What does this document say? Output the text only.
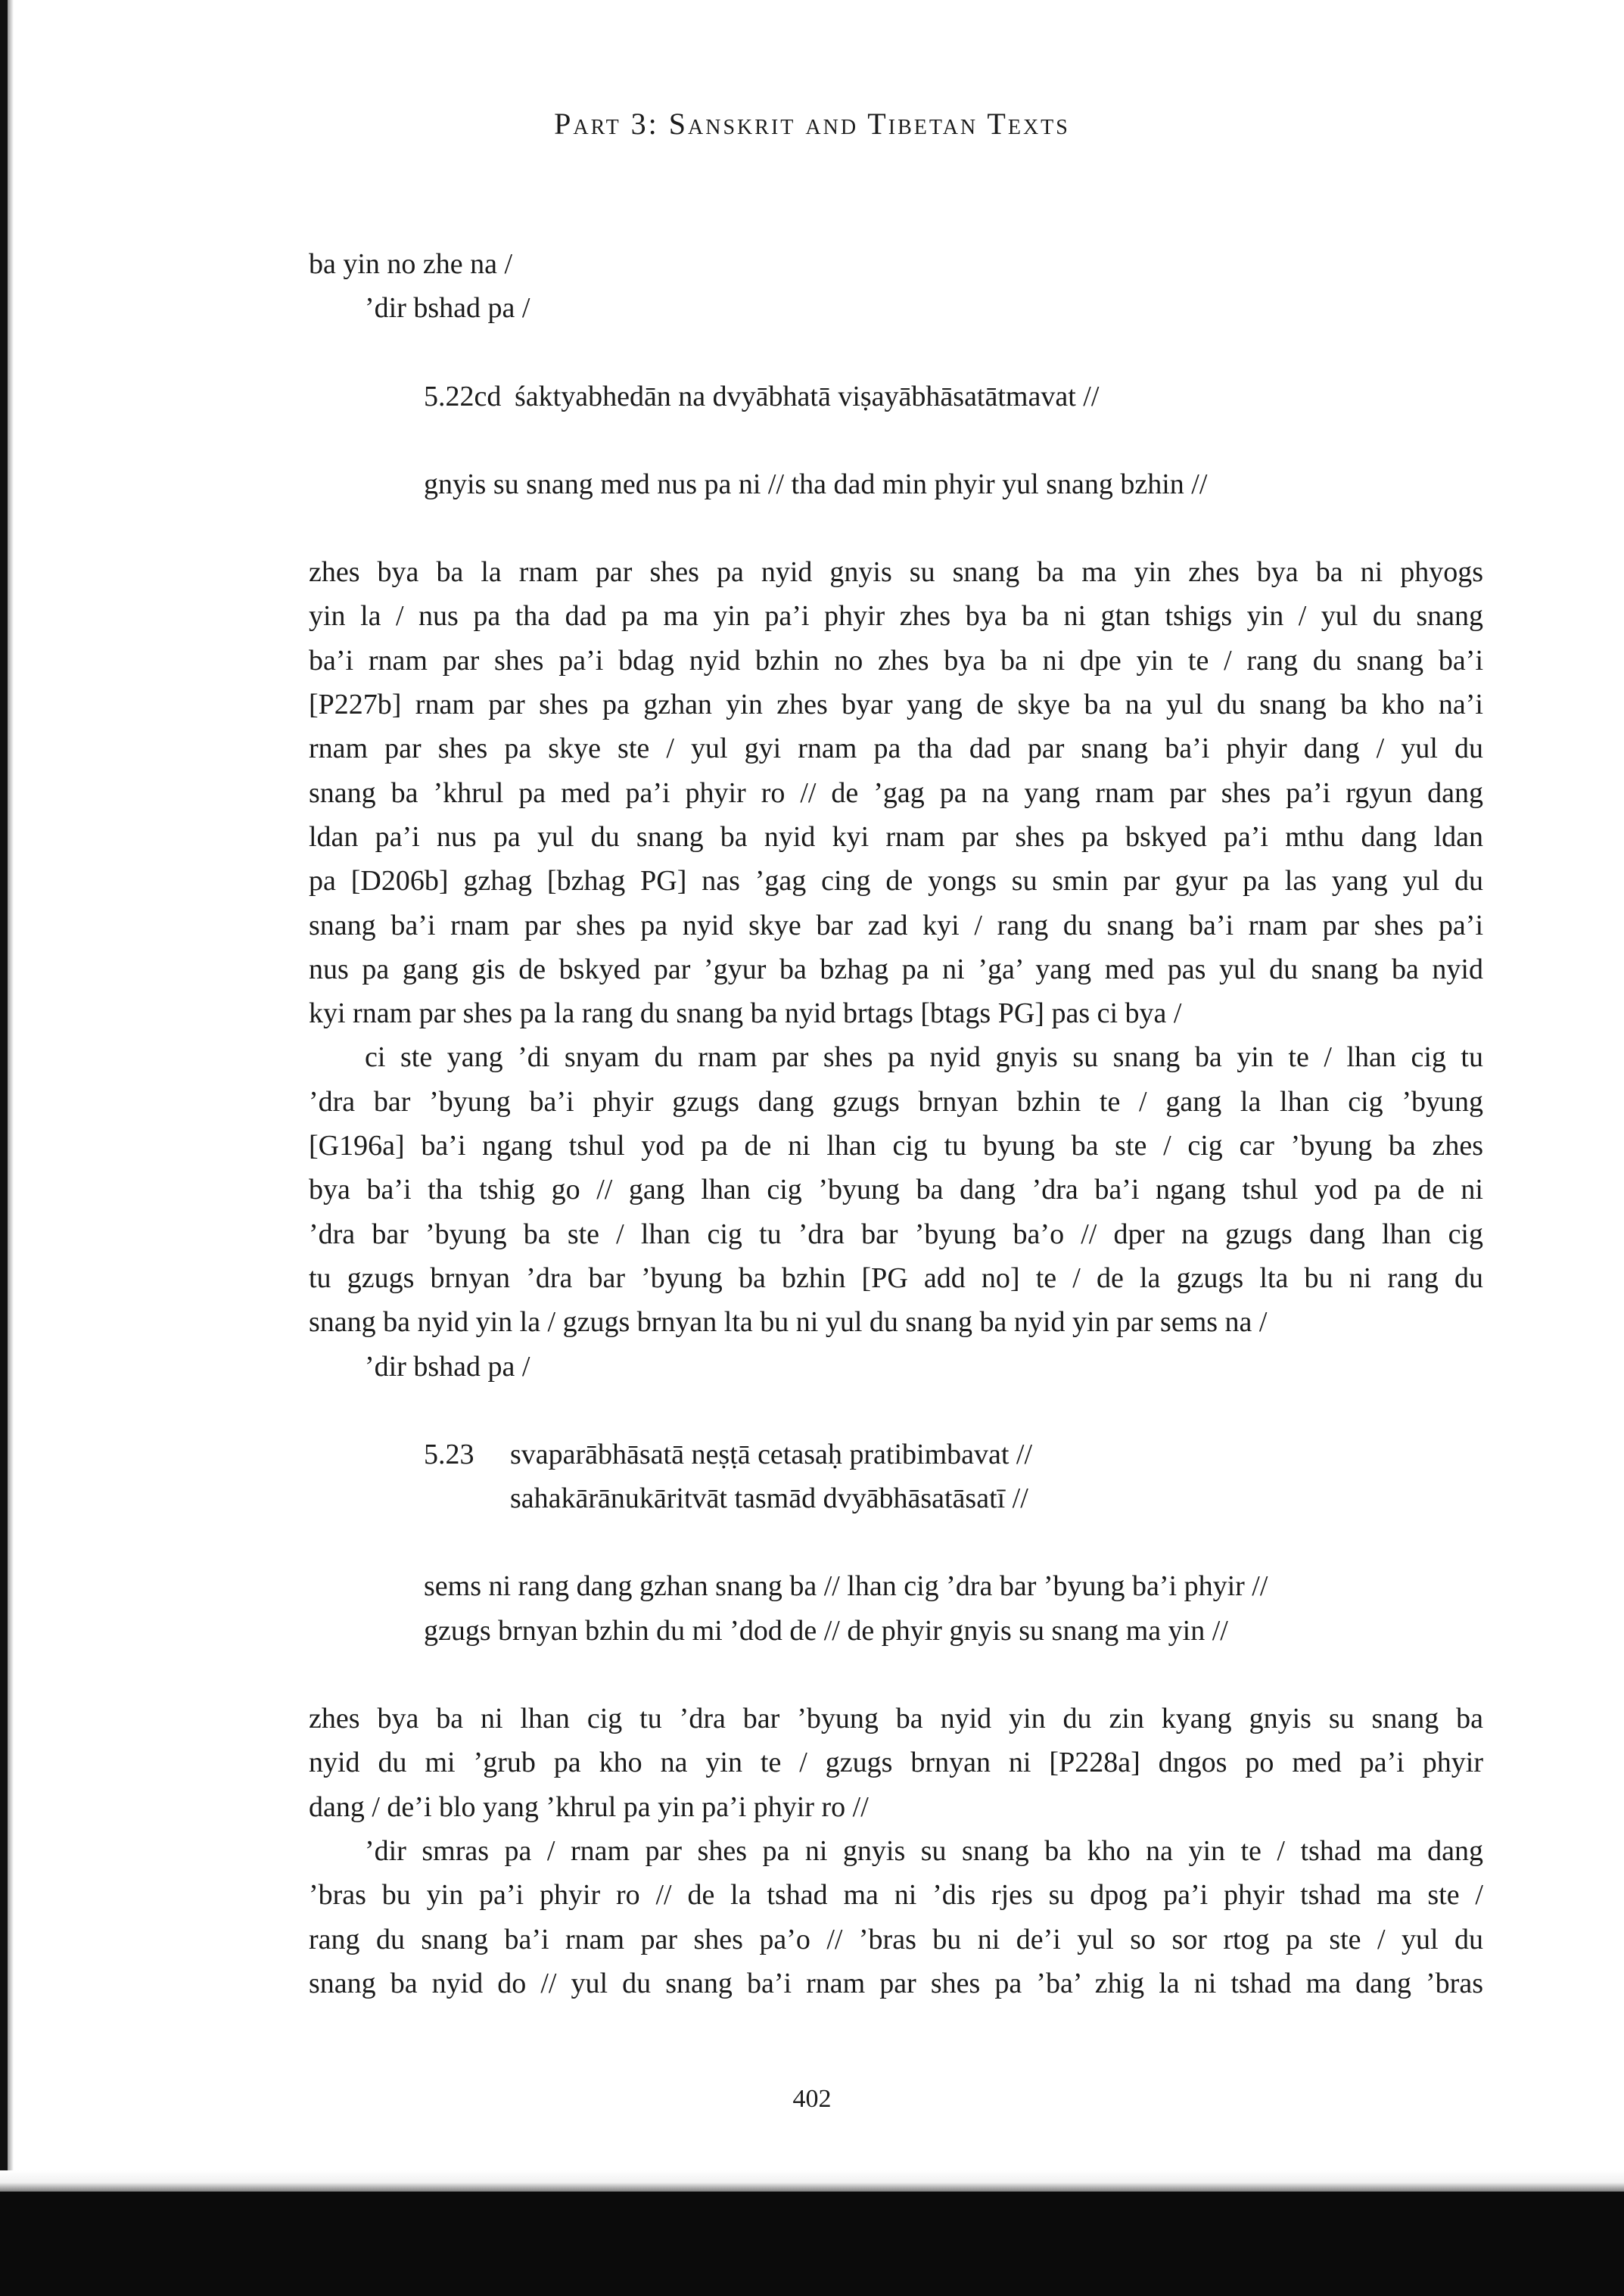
Part 3: Sanskrit and Tibetan Texts

ba yin no zhe na /

’dir bshad pa /

5.22cd śaktyabhedān na dvyābhatā viṣayābhāsatātmavat //

gnyis su snang med nus pa ni // tha dad min phyir yul snang bzhin //

zhes bya ba la rnam par shes pa nyid gnyis su snang ba ma yin zhes bya ba ni phyogs

yin la / nus pa tha dad pa ma yin pa’i phyir zhes bya ba ni gtan tshigs yin / yul du snang

ba’i rnam par shes pa’i bdag nyid bzhin no zhes bya ba ni dpe yin te / rang du snang ba’i

[P227b] rnam par shes pa gzhan yin zhes byar yang de skye ba na yul du snang ba kho na’i

rnam par shes pa skye ste / yul gyi rnam pa tha dad par snang ba’i phyir dang / yul du

snang ba ’khrul pa med pa’i phyir ro // de ’gag pa na yang rnam par shes pa’i rgyun dang

ldan pa’i nus pa yul du snang ba nyid kyi rnam par shes pa bskyed pa’i mthu dang ldan

pa [D206b] gzhag [bzhag PG] nas ’gag cing de yongs su smin par gyur pa las yang yul du

snang ba’i rnam par shes pa nyid skye bar zad kyi / rang du snang ba’i rnam par shes pa’i

nus pa gang gis de bskyed par ’gyur ba bzhag pa ni ’ga’ yang med pas yul du snang ba nyid

kyi rnam par shes pa la rang du snang ba nyid brtags [btags PG] pas ci bya /

ci ste yang ’di snyam du rnam par shes pa nyid gnyis su snang ba yin te / lhan cig tu

’dra bar ’byung ba’i phyir gzugs dang gzugs brnyan bzhin te / gang la lhan cig ’byung

[G196a] ba’i ngang tshul yod pa de ni lhan cig tu byung ba ste / cig car ’byung ba zhes

bya ba’i tha tshig go // gang lhan cig ’byung ba dang ’dra ba’i ngang tshul yod pa de ni

’dra bar ’byung ba ste / lhan cig tu ’dra bar ’byung ba’o // dper na gzugs dang lhan cig

tu gzugs brnyan ’dra bar ’byung ba bzhin [PG add no] te / de la gzugs lta bu ni rang du

snang ba nyid yin la / gzugs brnyan lta bu ni yul du snang ba nyid yin par sems na /

’dir bshad pa /

5.23	svaparābhāsatā neṣṭā cetasaḥ pratibimbavat //
sahakārānukāritvāt tasmād dvyābhāsatāsatī //

sems ni rang dang gzhan snang ba // lhan cig ’dra bar ’byung ba’i phyir //

gzugs brnyan bzhin du mi ’dod de // de phyir gnyis su snang ma yin //

zhes bya ba ni lhan cig tu ’dra bar ’byung ba nyid yin du zin kyang gnyis su snang ba

nyid du mi ’grub pa kho na yin te / gzugs brnyan ni [P228a] dngos po med pa’i phyir

dang / de’i blo yang ’khrul pa yin pa’i phyir ro //

’dir smras pa / rnam par shes pa ni gnyis su snang ba kho na yin te / tshad ma dang

’bras bu yin pa’i phyir ro // de la tshad ma ni ’dis rjes su dpog pa’i phyir tshad ma ste /

rang du snang ba’i rnam par shes pa’o // ’bras bu ni de’i yul so sor rtog pa ste / yul du

snang ba nyid do // yul du snang ba’i rnam par shes pa ’ba’ zhig la ni tshad ma dang ’bras

402
